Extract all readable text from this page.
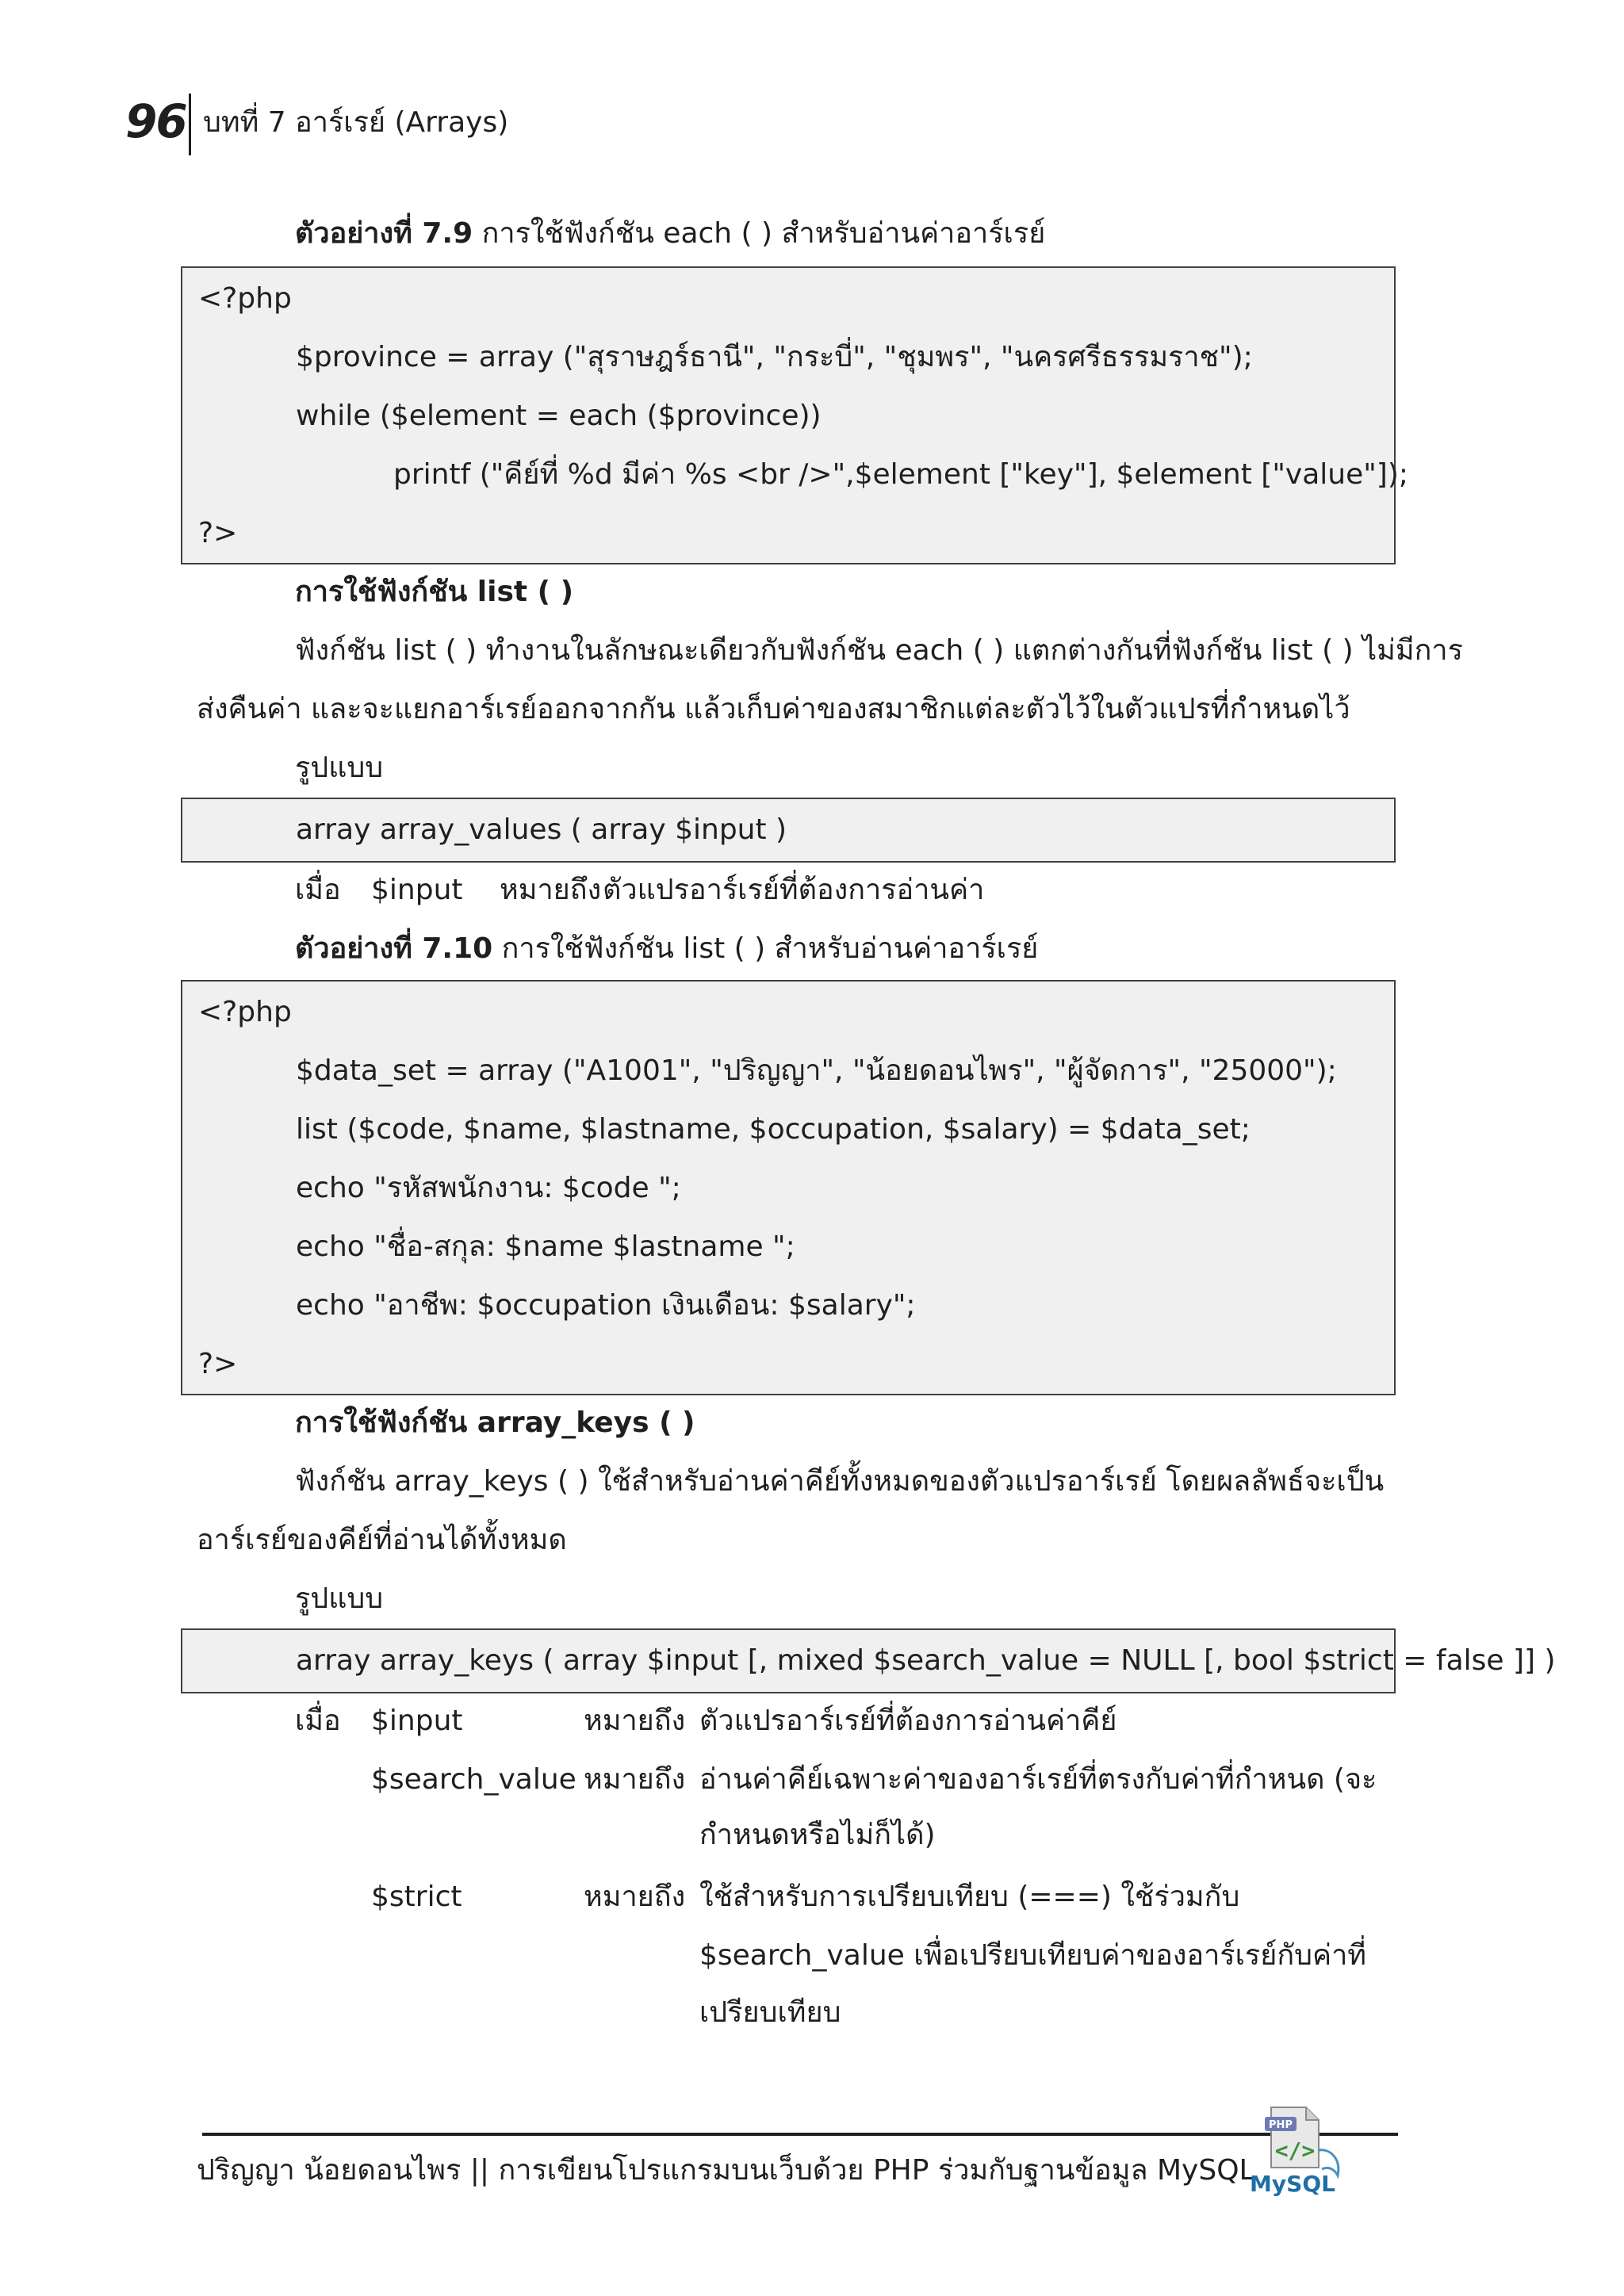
96 บทที่ 7 อาร์เรย์ (Arrays)
ตัวอย่างที่ 7.9 การใช้ฟังก์ชัน each ( ) สำหรับอ่านค่าอาร์เรย์
<?php
$province = array ("สุราษฎร์ธานี", "กระบี่", "ชุมพร", "นครศรีธรรมราช");
while ($element = each ($province))
printf ("คีย์ที่ %d มีค่า %s <br />",$element ["key"], $element ["value"]);
?>
การใช้ฟังก์ชัน list ( )
ฟังก์ชัน list ( ) ทำงานในลักษณะเดียวกับฟังก์ชัน each ( ) แตกต่างกันที่ฟังก์ชัน list ( ) ไม่มีการ
ส่งคืนค่า และจะแยกอาร์เรย์ออกจากกัน แล้วเก็บค่าของสมาชิกแต่ละตัวไว้ในตัวแปรที่กำหนดไว้
รูปแบบ
array array_values ( array $input )
เมื่อ $input หมายถึง ตัวแปรอาร์เรย์ที่ต้องการอ่านค่า
ตัวอย่างที่ 7.10 การใช้ฟังก์ชัน list ( ) สำหรับอ่านค่าอาร์เรย์
<?php
$data_set = array ("A1001", "ปริญญา", "น้อยดอนไพร", "ผู้จัดการ", "25000");
list ($code, $name, $lastname, $occupation, $salary) = $data_set;
echo "รหัสพนักงาน: $code ";
echo "ชื่อ-สกุล: $name $lastname ";
echo "อาชีพ: $occupation เงินเดือน: $salary";
?>
การใช้ฟังก์ชัน array_keys ( )
ฟังก์ชัน array_keys ( ) ใช้สำหรับอ่านค่าคีย์ทั้งหมดของตัวแปรอาร์เรย์ โดยผลลัพธ์จะเป็น
อาร์เรย์ของคีย์ที่อ่านได้ทั้งหมด
รูปแบบ
array array_keys ( array $input [, mixed $search_value = NULL [, bool $strict = false ]] )
เมื่อ $input	หมายถึง ตัวแปรอาร์เรย์ที่ต้องการอ่านค่าคีย์
$search_value หมายถึง อ่านค่าคีย์เฉพาะค่าของอาร์เรย์ที่ตรงกับค่าที่กำหนด (จะ
กำหนดหรือไม่ก็ได้)
$strict	หมายถึง ใช้สำหรับการเปรียบเทียบ (===) ใช้ร่วมกับ
$search_value เพื่อเปรียบเทียบค่าของอาร์เรย์กับค่าที่
เปรียบเทียบ
ปริญญา น้อยดอนไพร || การเขียนโปรแกรมบนเว็บด้วย PHP ร่วมกับฐานข้อมูล MySQL
PHP
</>
MySQL
